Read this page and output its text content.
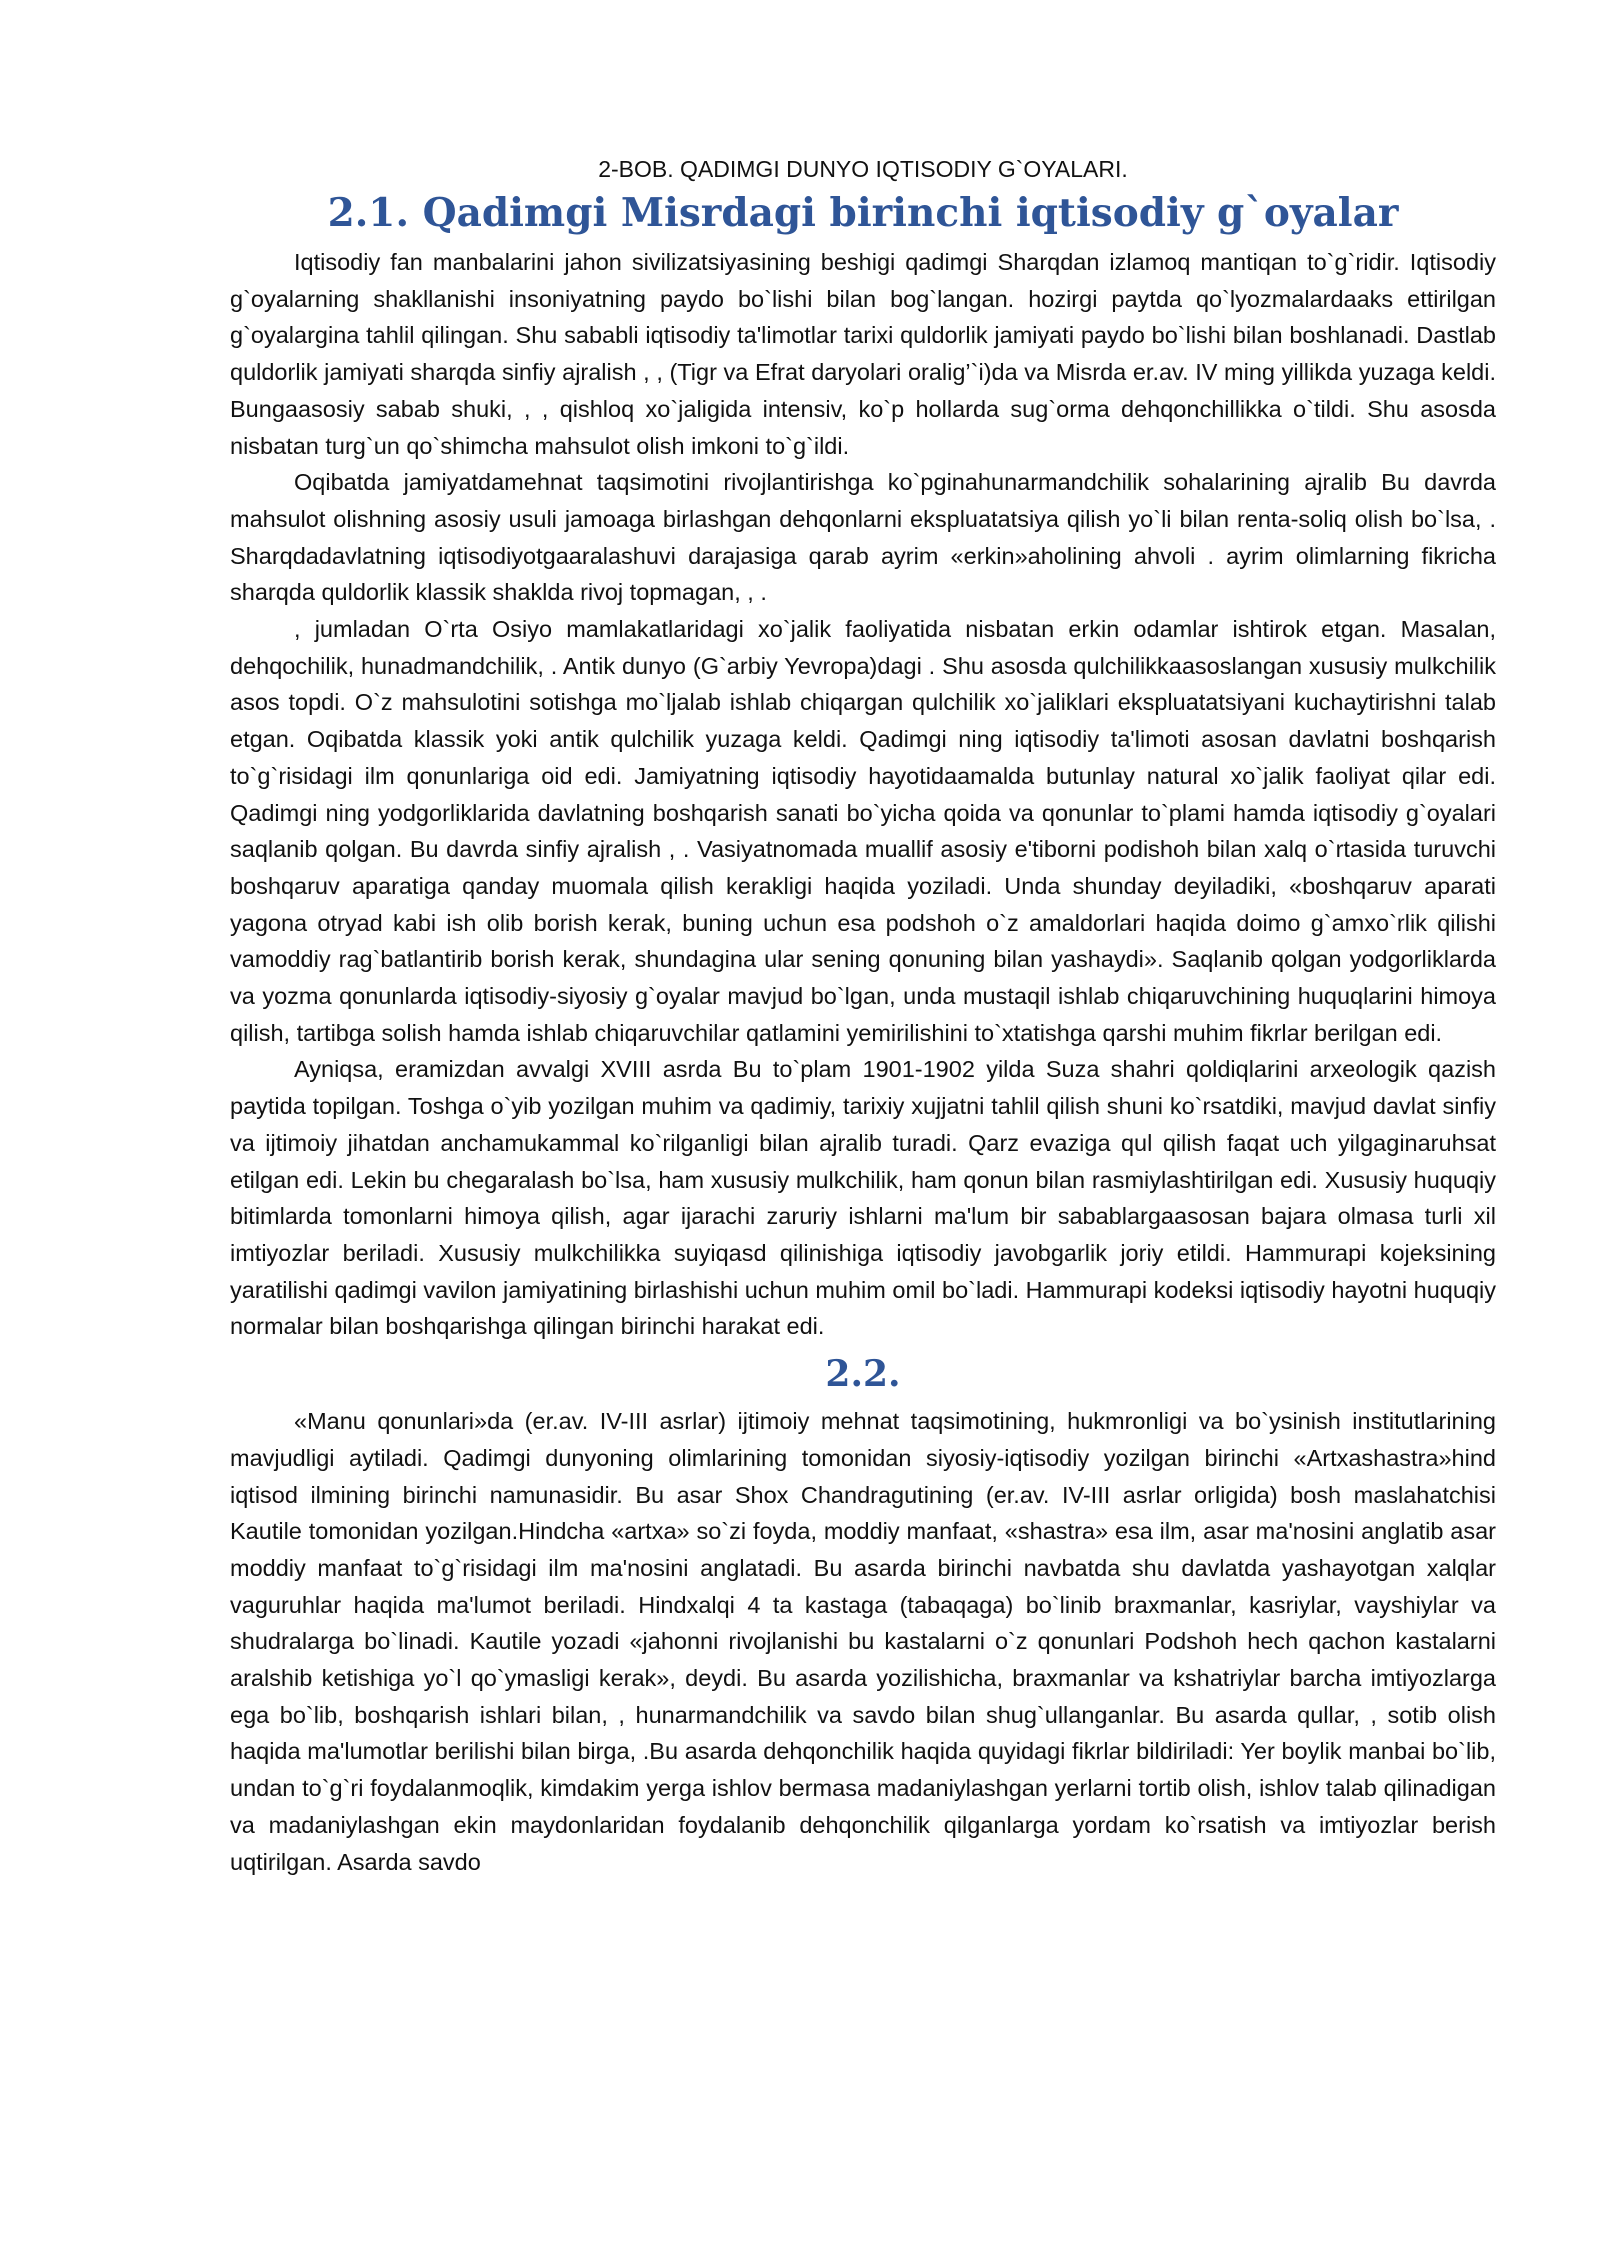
2-BOB. QADIMGI DUNYO IQTISODIY G`OYALARI.

2.1. Qadimgi Misrdagi birinchi iqtisodiy g`oyalar

Iqtisodiy fan manbalarini jahon sivilizatsiyasining beshigi qadimgi Sharqdan izlamoq mantiqan to`g`ridir. Iqtisodiy g`oyalarning shakllanishi insoniyatning paydo bo`lishi bilan bog`langan. hozirgi paytda qo`lyozmalardaaks ettirilgan g`oyalargina tahlil qilingan. Shu sababli iqtisodiy ta'limotlar tarixi quldorlik jamiyati paydo bo`lishi bilan boshlanadi. Dastlab quldorlik jamiyati sharqda sinfiy ajralish , , (Tigr va Efrat daryolari oralig’`i)da va Misrda er.av. IV ming yillikda yuzaga keldi. Bungaasosiy sabab shuki, , , qishloq xo`jaligida intensiv, ko`p hollarda sug`orma dehqonchillikka o`tildi. Shu asosda nisbatan turg`un qo`shimcha mahsulot olish imkoni to`g`ildi.

Oqibatda jamiyatdamehnat taqsimotini rivojlantirishga ko`pginahunarmandchilik sohalarining ajralib Bu davrda mahsulot olishning asosiy usuli jamoaga birlashgan dehqonlarni ekspluatatsiya qilish yo`li bilan renta-soliq olish bo`lsa, . Sharqdadavlatning iqtisodiyotgaaralashuvi darajasiga qarab ayrim «erkin»aholining ahvoli . ayrim olimlarning fikricha sharqda quldorlik klassik shaklda rivoj topmagan, , .

, jumladan O`rta Osiyo mamlakatlaridagi xo`jalik faoliyatida nisbatan erkin odamlar ishtirok etgan. Masalan, dehqochilik, hunadmandchilik, . Antik dunyo (G`arbiy Yevropa)dagi . Shu asosda qulchilikkaasoslangan xususiy mulkchilik asos topdi. O`z mahsulotini sotishga mo`ljalab ishlab chiqargan qulchilik xo`jaliklari ekspluatatsiyani kuchaytirishni talab etgan. Oqibatda klassik yoki antik qulchilik yuzaga keldi. Qadimgi ning iqtisodiy ta'limoti asosan davlatni boshqarish to`g`risidagi ilm qonunlariga oid edi. Jamiyatning iqtisodiy hayotidaamalda butunlay natural xo`jalik faoliyat qilar edi. Qadimgi ning yodgorliklarida davlatning boshqarish sanati bo`yicha qoida va qonunlar to`plami hamda iqtisodiy g`oyalari saqlanib qolgan. Bu davrda sinfiy ajralish , . Vasiyatnomada muallif asosiy e'tiborni podishoh bilan xalq o`rtasida turuvchi boshqaruv aparatiga qanday muomala qilish kerakligi haqida yoziladi. Unda shunday deyiladiki, «boshqaruv aparati yagona otryad kabi ish olib borish kerak, buning uchun esa podshoh o`z amaldorlari haqida doimo g`amxo`rlik qilishi vamoddiy rag`batlantirib borish kerak, shundagina ular sening qonuning bilan yashaydi». Saqlanib qolgan yodgorliklarda va yozma qonunlarda iqtisodiy-siyosiy g`oyalar mavjud bo`lgan, unda mustaqil ishlab chiqaruvchining huquqlarini himoya qilish, tartibga solish hamda ishlab chiqaruvchilar qatlamini yemirilishini to`xtatishga qarshi muhim fikrlar berilgan edi.

Ayniqsa, eramizdan avvalgi XVIII asrda Bu to`plam 1901-1902 yilda Suza shahri qoldiqlarini arxeologik qazish paytida topilgan. Toshga o`yib yozilgan muhim va qadimiy, tarixiy xujjatni tahlil qilish shuni ko`rsatdiki, mavjud davlat sinfiy va ijtimoiy jihatdan anchamukammal ko`rilganligi bilan ajralib turadi. Qarz evaziga qul qilish faqat uch yilgaginaruhsat etilgan edi. Lekin bu chegaralash bo`lsa, ham xususiy mulkchilik, ham qonun bilan rasmiylashtirilgan edi. Xususiy huquqiy bitimlarda tomonlarni himoya qilish, agar ijarachi zaruriy ishlarni ma'lum bir sabablargaasosan bajara olmasa turli xil imtiyozlar beriladi. Xususiy mulkchilikka suyiqasd qilinishiga iqtisodiy javobgarlik joriy etildi. Hammurapi kojeksining yaratilishi qadimgi vavilon jamiyatining birlashishi uchun muhim omil bo`ladi. Hammurapi kodeksi iqtisodiy hayotni huquqiy normalar bilan boshqarishga qilingan birinchi harakat edi.

2.2.

«Manu qonunlari»da (er.av. IV-III asrlar) ijtimoiy mehnat taqsimotining, hukmronligi va bo`ysinish institutlarining mavjudligi aytiladi. Qadimgi dunyoning olimlarining tomonidan siyosiy-iqtisodiy yozilgan birinchi «Artxashastra»hind iqtisod ilmining birinchi namunasidir. Bu asar Shox Chandragutining (er.av. IV-III asrlar orligida) bosh maslahatchisi Kautile tomonidan yozilgan.Hindcha «artxa» so`zi foyda, moddiy manfaat, «shastra» esa ilm, asar ma'nosini anglatib asar moddiy manfaat to`g`risidagi ilm ma'nosini anglatadi. Bu asarda birinchi navbatda shu davlatda yashayotgan xalqlar vaguruhlar haqida ma'lumot beriladi. Hindxalqi 4 ta kastaga (tabaqaga) bo`linib braxmanlar, kasriylar, vayshiylar va shudralarga bo`linadi. Kautile yozadi «jahonni rivojlanishi bu kastalarni o`z qonunlari Podshoh hech qachon kastalarni aralshib ketishiga yo`l qo`ymasligi kerak», deydi. Bu asarda yozilishicha, braxmanlar va kshatriylar barcha imtiyozlarga ega bo`lib, boshqarish ishlari bilan, , hunarmandchilik va savdo bilan shug`ullanganlar. Bu asarda qullar, , sotib olish haqida ma'lumotlar berilishi bilan birga, .Bu asarda dehqonchilik haqida quyidagi fikrlar bildiriladi: Yer boylik manbai bo`lib, undan to`g`ri foydalanmoqlik, kimdakim yerga ishlov bermasa madaniylashgan yerlarni tortib olish, ishlov talab qilinadigan va madaniylashgan ekin maydonlaridan foydalanib dehqonchilik qilganlarga yordam ko`rsatish va imtiyozlar berish uqtirilgan. Asarda savdo
